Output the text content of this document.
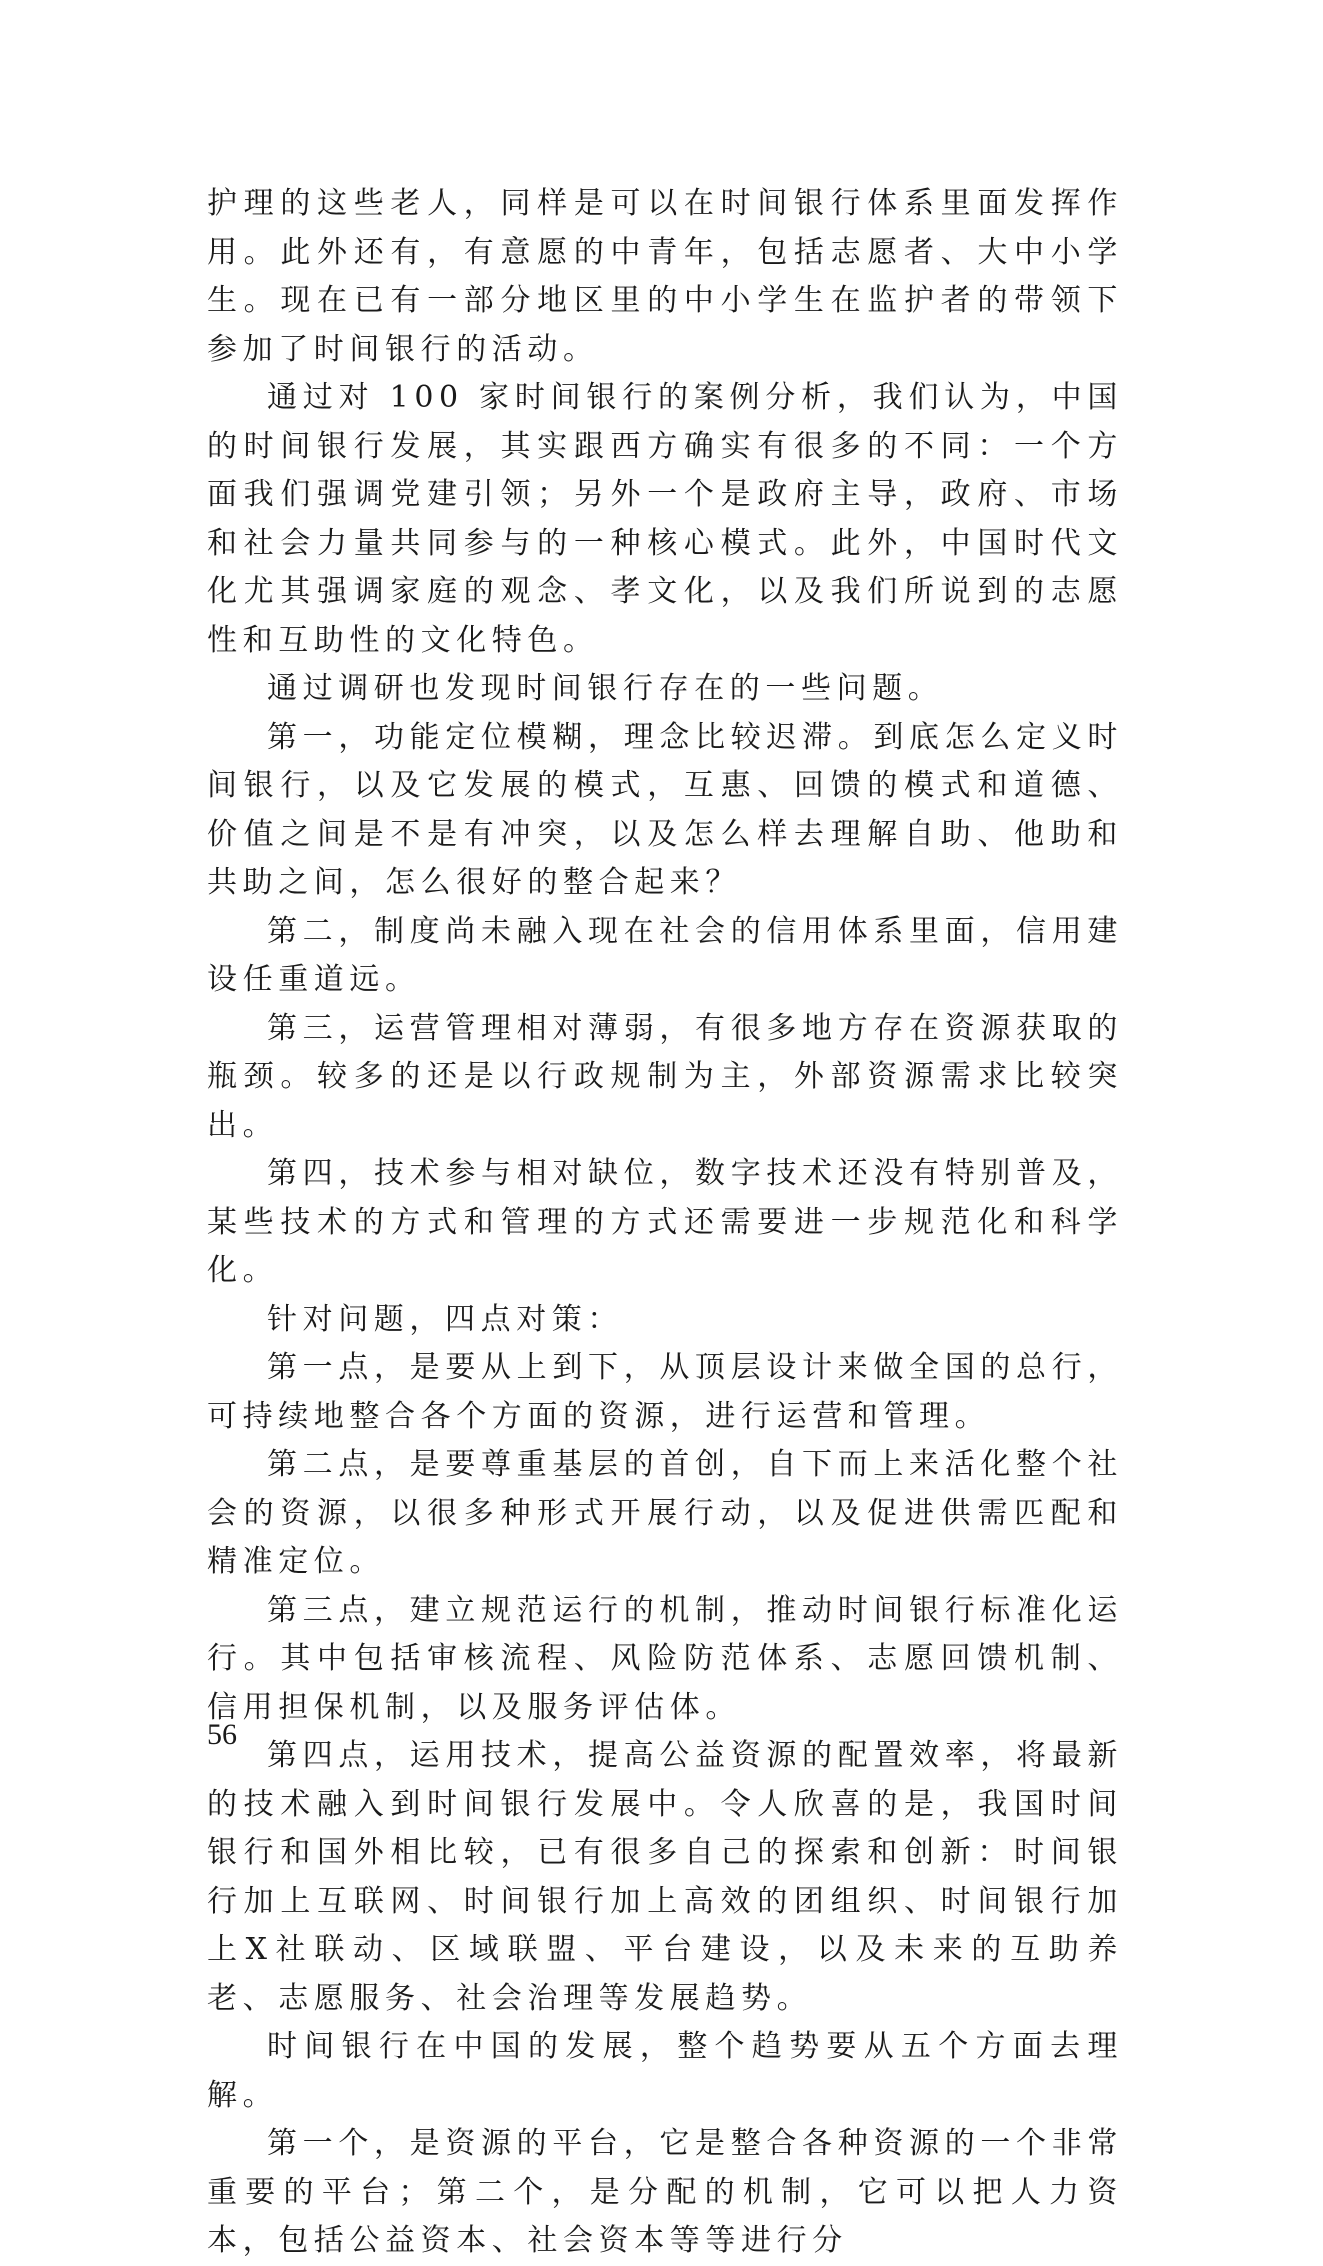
护理的这些老人，同样是可以在时间银行体系里面发挥作用。此外还有，有意愿的中青年，包括志愿者、大中小学生。现在已有一部分地区里的中小学生在监护者的带领下参加了时间银行的活动。

通过对 100 家时间银行的案例分析，我们认为，中国的时间银行发展，其实跟西方确实有很多的不同：一个方面我们强调党建引领；另外一个是政府主导，政府、市场和社会力量共同参与的一种核心模式。此外，中国时代文化尤其强调家庭的观念、孝文化，以及我们所说到的志愿性和互助性的文化特色。

通过调研也发现时间银行存在的一些问题。

第一，功能定位模糊，理念比较迟滞。到底怎么定义时间银行，以及它发展的模式，互惠、回馈的模式和道德、价值之间是不是有冲突，以及怎么样去理解自助、他助和共助之间，怎么很好的整合起来？

第二，制度尚未融入现在社会的信用体系里面，信用建设任重道远。

第三，运营管理相对薄弱，有很多地方存在资源获取的瓶颈。较多的还是以行政规制为主，外部资源需求比较突出。

第四，技术参与相对缺位，数字技术还没有特别普及，某些技术的方式和管理的方式还需要进一步规范化和科学化。

针对问题，四点对策：

第一点，是要从上到下，从顶层设计来做全国的总行，可持续地整合各个方面的资源，进行运营和管理。

第二点，是要尊重基层的首创，自下而上来活化整个社会的资源，以很多种形式开展行动，以及促进供需匹配和精准定位。

第三点，建立规范运行的机制，推动时间银行标准化运行。其中包括审核流程、风险防范体系、志愿回馈机制、信用担保机制，以及服务评估体。

第四点，运用技术，提高公益资源的配置效率，将最新的技术融入到时间银行发展中。令人欣喜的是，我国时间银行和国外相比较，已有很多自己的探索和创新：时间银行加上互联网、时间银行加上高效的团组织、时间银行加上X社联动、区域联盟、平台建设，以及未来的互助养老、志愿服务、社会治理等发展趋势。

时间银行在中国的发展，整个趋势要从五个方面去理解。

第一个，是资源的平台，它是整合各种资源的一个非常重要的平台；第二个，是分配的机制，它可以把人力资本，包括公益资本、社会资本等等进行分

56
